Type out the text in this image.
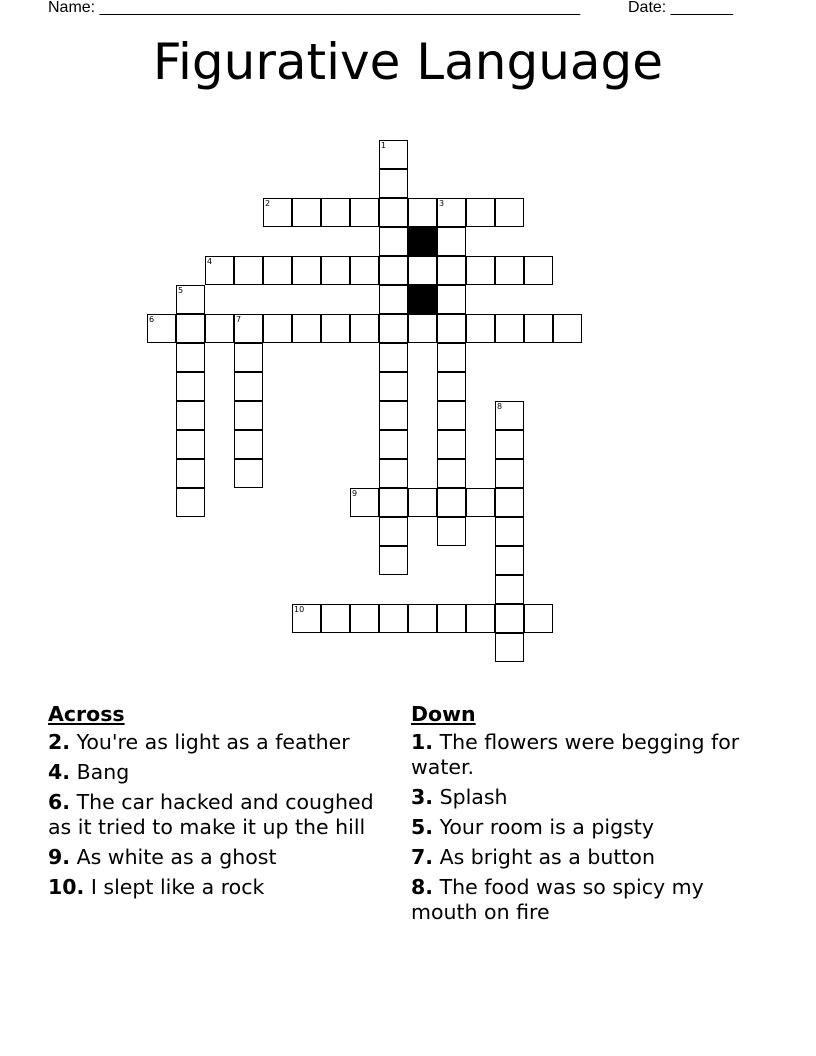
Name: ______________________________________________________	Date: _______
Figurative Language
1
2	3
4
5
6	7
8
9
10
Across
2. You're as light as a feather
4. Bang
6. The car hacked and coughed as it tried to make it up the hill
9. As white as a ghost
10. I slept like a rock
Down
1. The flowers were begging for water.
3. Splash
5. Your room is a pigsty
7. As bright as a button
8. The food was so spicy my mouth on fire
